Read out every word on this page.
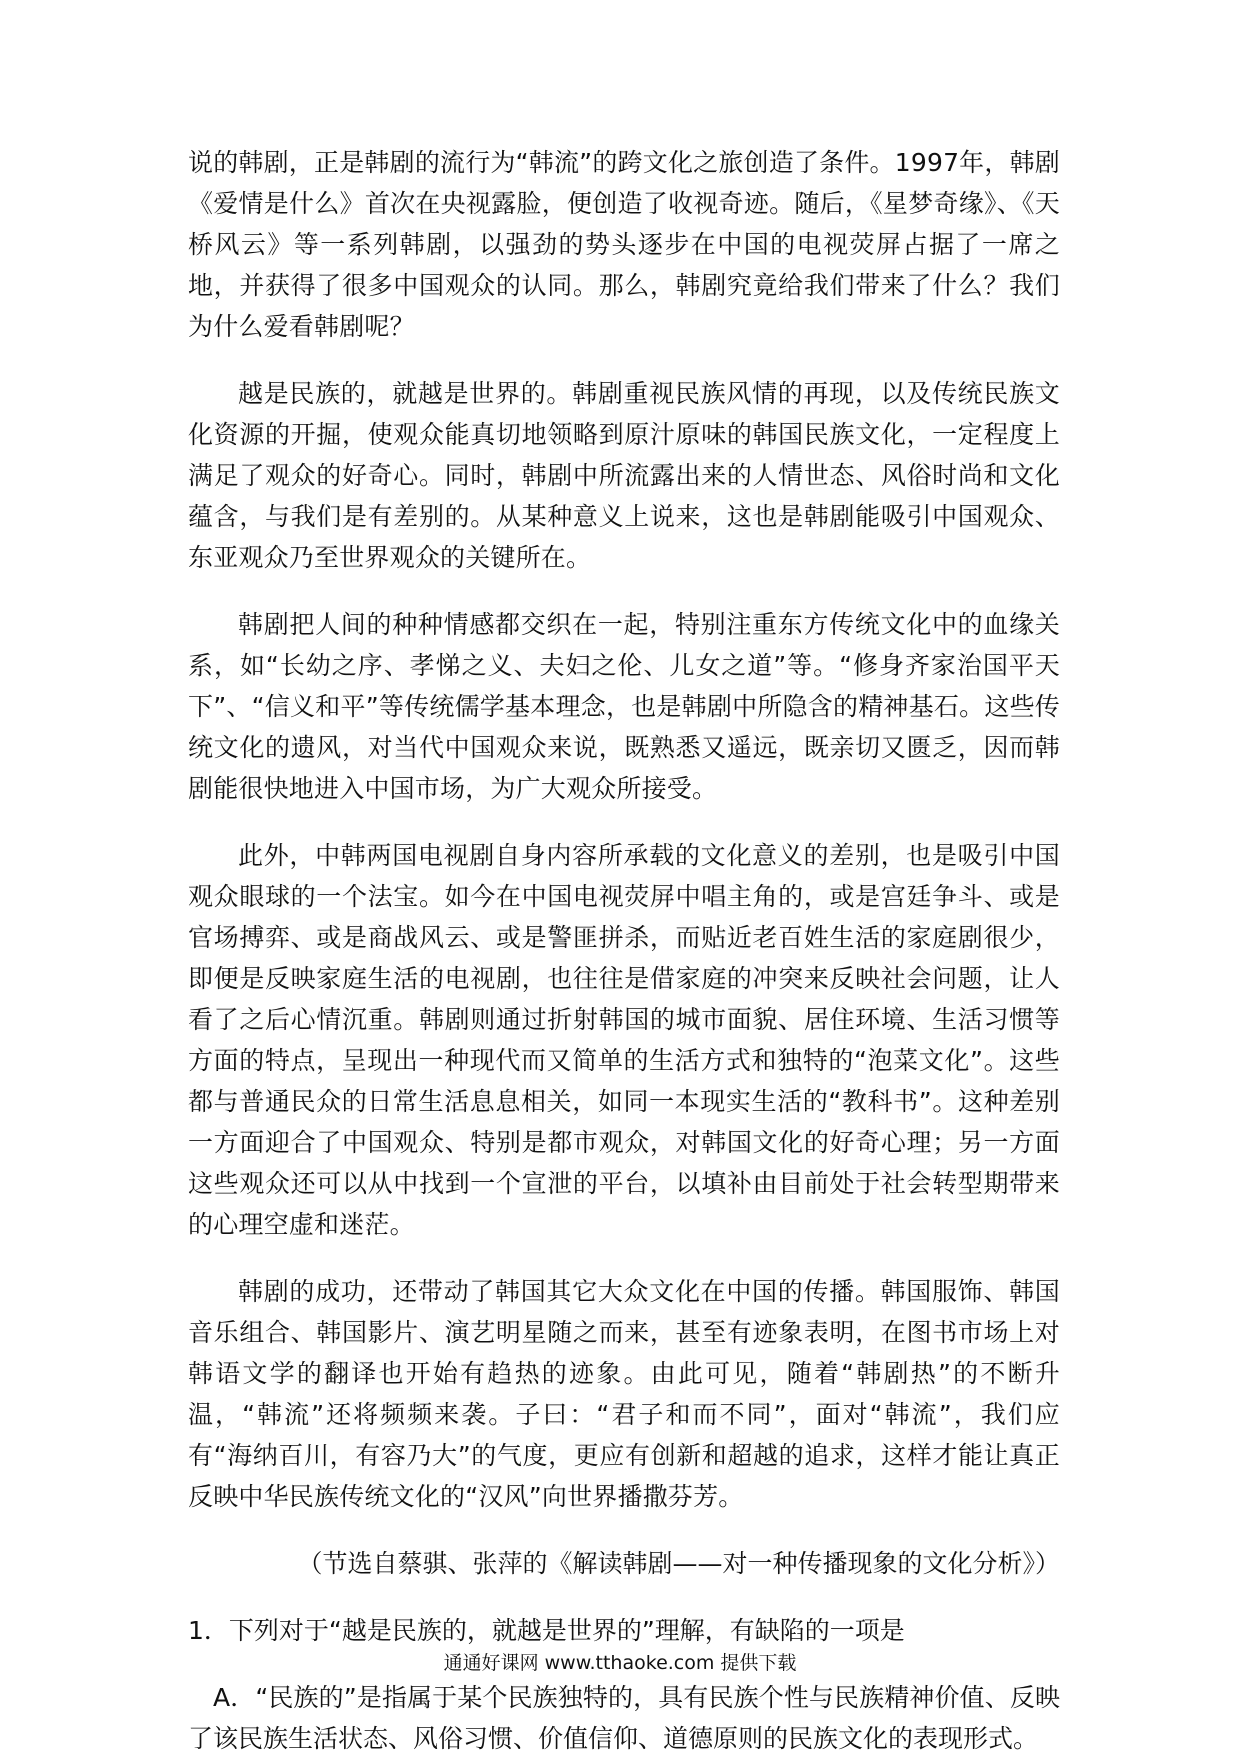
说的韩剧，正是韩剧的流行为“韩流”的跨文化之旅创造了条件。1997年，韩剧《爱情是什么》首次在央视露脸，便创造了收视奇迹。随后，《星梦奇缘》、《天桥风云》等一系列韩剧，以强劲的势头逐步在中国的电视荧屏占据了一席之地，并获得了很多中国观众的认同。那么，韩剧究竟给我们带来了什么？我们为什么爱看韩剧呢？

越是民族的，就越是世界的。韩剧重视民族风情的再现，以及传统民族文化资源的开掘，使观众能真切地领略到原汁原味的韩国民族文化，一定程度上满足了观众的好奇心。同时，韩剧中所流露出来的人情世态、风俗时尚和文化蕴含，与我们是有差别的。从某种意义上说来，这也是韩剧能吸引中国观众、东亚观众乃至世界观众的关键所在。

韩剧把人间的种种情感都交织在一起，特别注重东方传统文化中的血缘关系，如“长幼之序、孝悌之义、夫妇之伦、儿女之道”等。“修身齐家治国平天下”、“信义和平”等传统儒学基本理念，也是韩剧中所隐含的精神基石。这些传统文化的遗风，对当代中国观众来说，既熟悉又遥远，既亲切又匮乏，因而韩剧能很快地进入中国市场，为广大观众所接受。

此外，中韩两国电视剧自身内容所承载的文化意义的差别，也是吸引中国观众眼球的一个法宝。如今在中国电视荧屏中唱主角的，或是宫廷争斗、或是官场搏弈、或是商战风云、或是警匪拼杀，而贴近老百姓生活的家庭剧很少，即便是反映家庭生活的电视剧，也往往是借家庭的冲突来反映社会问题，让人看了之后心情沉重。韩剧则通过折射韩国的城市面貌、居住环境、生活习惯等方面的特点，呈现出一种现代而又简单的生活方式和独特的“泡菜文化”。这些都与普通民众的日常生活息息相关，如同一本现实生活的“教科书”。这种差别一方面迎合了中国观众、特别是都市观众，对韩国文化的好奇心理；另一方面这些观众还可以从中找到一个宣泄的平台，以填补由目前处于社会转型期带来的心理空虚和迷茫。

韩剧的成功，还带动了韩国其它大众文化在中国的传播。韩国服饰、韩国音乐组合、韩国影片、演艺明星随之而来，甚至有迹象表明，在图书市场上对韩语文学的翻译也开始有趋热的迹象。由此可见，随着“韩剧热”的不断升温，“韩流”还将频频来袭。子曰：“君子和而不同”，面对“韩流”，我们应有“海纳百川，有容乃大”的气度，更应有创新和超越的追求，这样才能让真正反映中华民族传统文化的“汉风”向世界播撒芬芳。

（节选自蔡骐、张萍的《解读韩剧——对一种传播现象的文化分析》）

1．下列对于“越是民族的，就越是世界的”理解，有缺陷的一项是

A．“民族的”是指属于某个民族独特的，具有民族个性与民族精神价值、反映了该民族生活状态、风俗习惯、价值信仰、道德原则的民族文化的表现形式。

通通好课网 www.tthaoke.com 提供下载
